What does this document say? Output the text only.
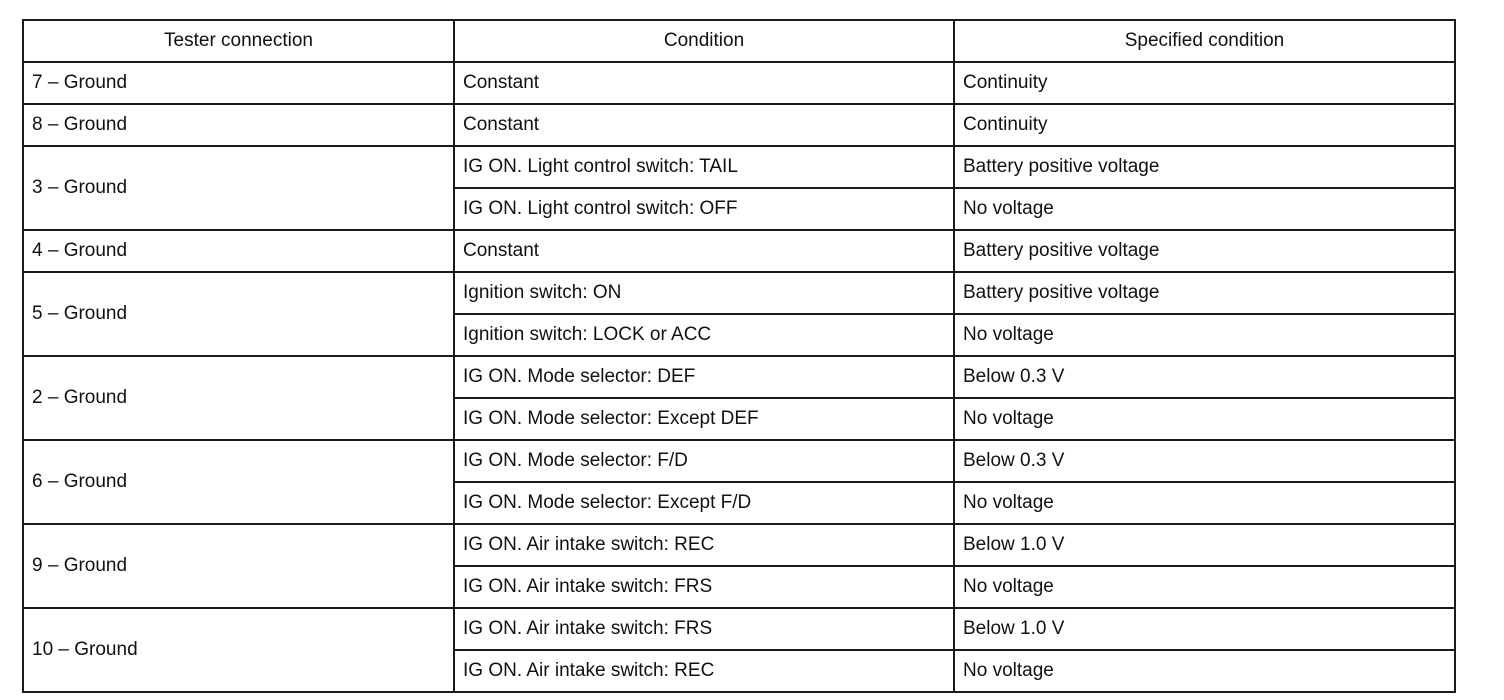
Tester connection	Condition	Specified condition
7 – Ground	Constant	Continuity
8 – Ground	Constant	Continuity
3 – Ground	IG ON. Light control switch: TAIL	Battery positive voltage
	IG ON. Light control switch: OFF	No voltage
4 – Ground	Constant	Battery positive voltage
5 – Ground	Ignition switch: ON	Battery positive voltage
	Ignition switch: LOCK or ACC	No voltage
2 – Ground	IG ON. Mode selector: DEF	Below 0.3 V
	IG ON. Mode selector: Except DEF	No voltage
6 – Ground	IG ON. Mode selector: F/D	Below 0.3 V
	IG ON. Mode selector: Except F/D	No voltage
9 – Ground	IG ON. Air intake switch: REC	Below 1.0 V
	IG ON. Air intake switch: FRS	No voltage
10 – Ground	IG ON. Air intake switch: FRS	Below 1.0 V
	IG ON. Air intake switch: REC	No voltage
